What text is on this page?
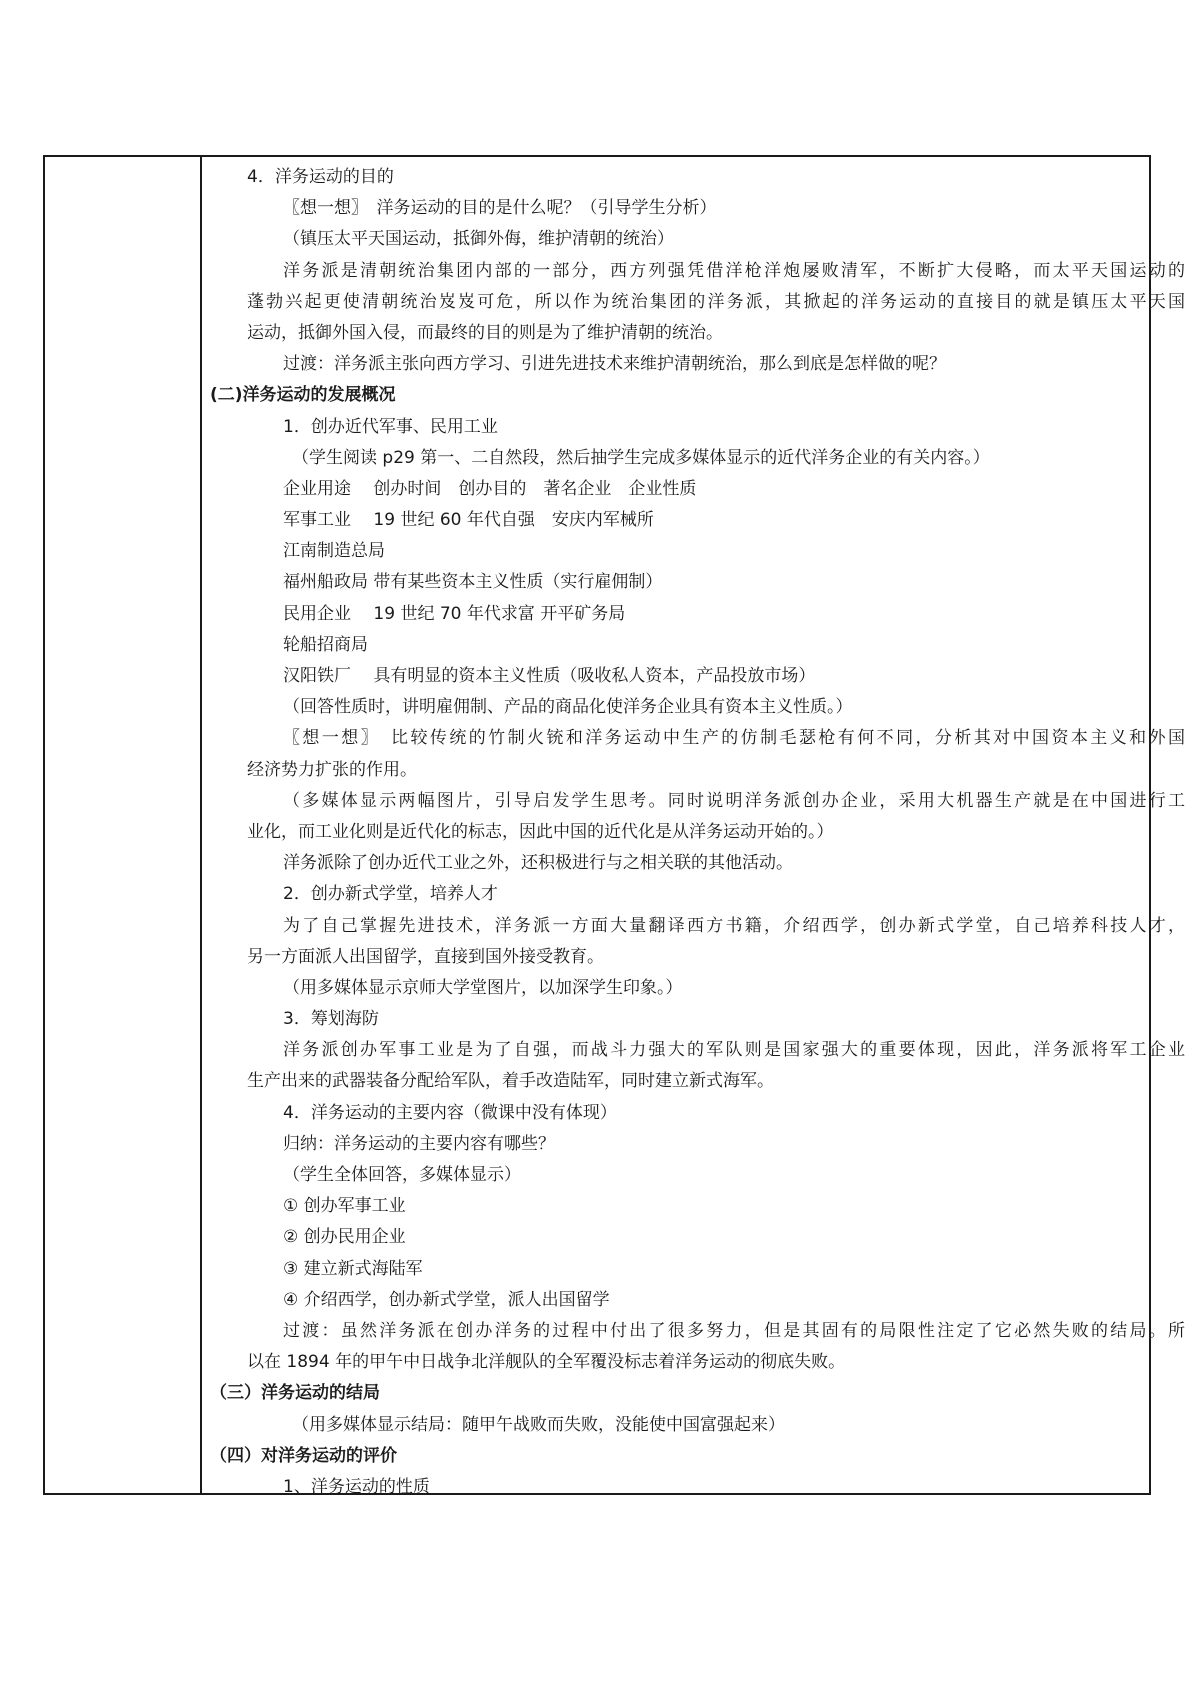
4．洋务运动的目的
〖想一想〗　洋务运动的目的是什么呢？（引导学生分析）
（镇压太平天国运动，抵御外侮，维护清朝的统治）
洋务派是清朝统治集团内部的一部分，西方列强凭借洋枪洋炮屡败清军，不断扩大侵略，而太平天国运动的
蓬勃兴起更使清朝统治岌岌可危，所以作为统治集团的洋务派，其掀起的洋务运动的直接目的就是镇压太平天国
运动，抵御外国入侵，而最终的目的则是为了维护清朝的统治。
过渡：洋务派主张向西方学习、引进先进技术来维护清朝统治，那么到底是怎样做的呢？
(二)洋务运动的发展概况
1．创办近代军事、民用工业
（学生阅读 p29 第一、二自然段，然后抽学生完成多媒体显示的近代洋务企业的有关内容。）
企业用途　 创办时间　创办目的　著名企业　企业性质
军事工业　 19 世纪 60 年代自强　安庆内军械所
江南制造总局
福州船政局 带有某些资本主义性质（实行雇佣制）
民用企业　 19 世纪 70 年代求富 开平矿务局
轮船招商局
汉阳铁厂　 具有明显的资本主义性质（吸收私人资本，产品投放市场）
（回答性质时，讲明雇佣制、产品的商品化使洋务企业具有资本主义性质。）
〖想一想〗　比较传统的竹制火铳和洋务运动中生产的仿制毛瑟枪有何不同，分析其对中国资本主义和外国
经济势力扩张的作用。
（多媒体显示两幅图片，引导启发学生思考。同时说明洋务派创办企业，采用大机器生产就是在中国进行工
业化，而工业化则是近代化的标志，因此中国的近代化是从洋务运动开始的。）
洋务派除了创办近代工业之外，还积极进行与之相关联的其他活动。
2．创办新式学堂，培养人才
为了自己掌握先进技术，洋务派一方面大量翻译西方书籍，介绍西学，创办新式学堂，自己培养科技人才，
另一方面派人出国留学，直接到国外接受教育。
（用多媒体显示京师大学堂图片，以加深学生印象。）
3．筹划海防
洋务派创办军事工业是为了自强，而战斗力强大的军队则是国家强大的重要体现，因此，洋务派将军工企业
生产出来的武器装备分配给军队，着手改造陆军，同时建立新式海军。
4．洋务运动的主要内容（微课中没有体现）
归纳：洋务运动的主要内容有哪些？
（学生全体回答，多媒体显示）
① 创办军事工业
② 创办民用企业
③ 建立新式海陆军
④ 介绍西学，创办新式学堂，派人出国留学
过渡：虽然洋务派在创办洋务的过程中付出了很多努力，但是其固有的局限性注定了它必然失败的结局。所
以在 1894 年的甲午中日战争北洋舰队的全军覆没标志着洋务运动的彻底失败。
（三）洋务运动的结局
（用多媒体显示结局：随甲午战败而失败，没能使中国富强起来）
（四）对洋务运动的评价
1、洋务运动的性质
